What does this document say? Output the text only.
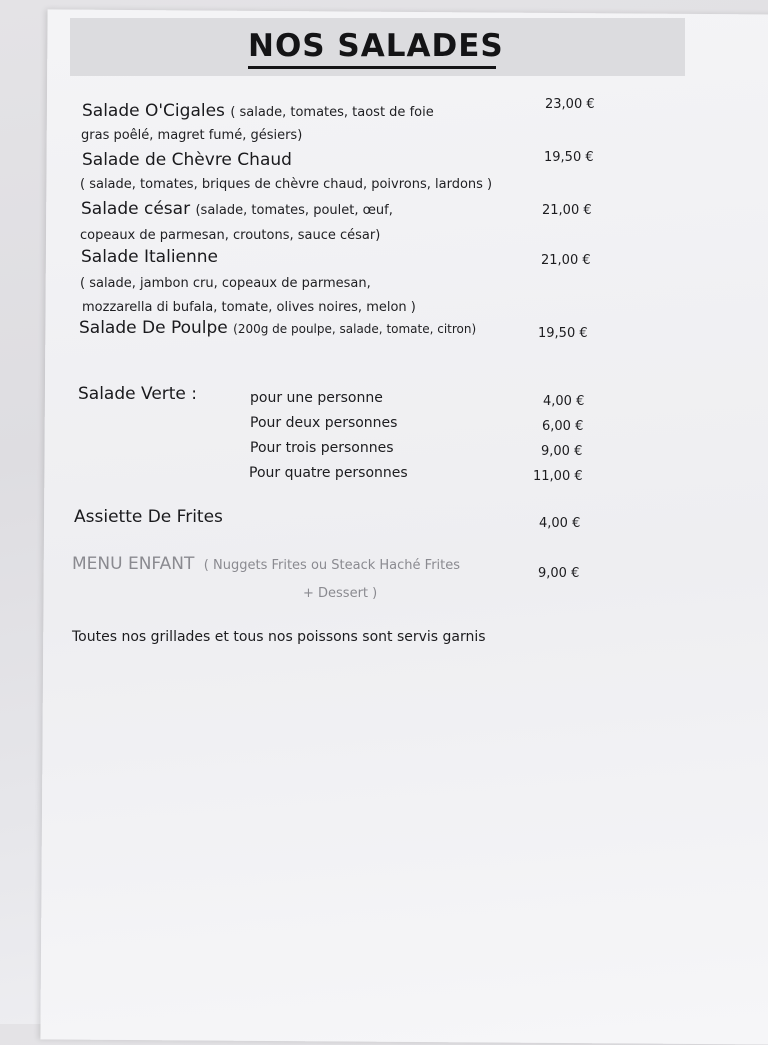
NOS SALADES
Salade O'Cigales ( salade, tomates, taost de foie
gras poêlé, magret fumé, gésiers)
23,00 €
Salade de Chèvre Chaud
( salade, tomates, briques de chèvre chaud, poivrons, lardons )
19,50 €
Salade césar (salade, tomates, poulet, œuf,
copeaux de parmesan, croutons, sauce césar)
21,00 €
Salade Italienne
( salade, jambon cru, copeaux de parmesan,
mozzarella di bufala, tomate, olives noires, melon )
21,00 €
Salade De Poulpe (200g de poulpe, salade, tomate, citron)	19,50 €
Salade Verte :	pour une personne	4,00 €
Pour deux personnes	6,00 €
Pour trois personnes	9,00 €
Pour quatre personnes	11,00 €
Assiette De Frites	4,00 €
MENU ENFANT ( Nuggets Frites ou Steack Haché Frites
+ Dessert )
9,00 €
Toutes nos grillades et tous nos poissons sont servis garnis
